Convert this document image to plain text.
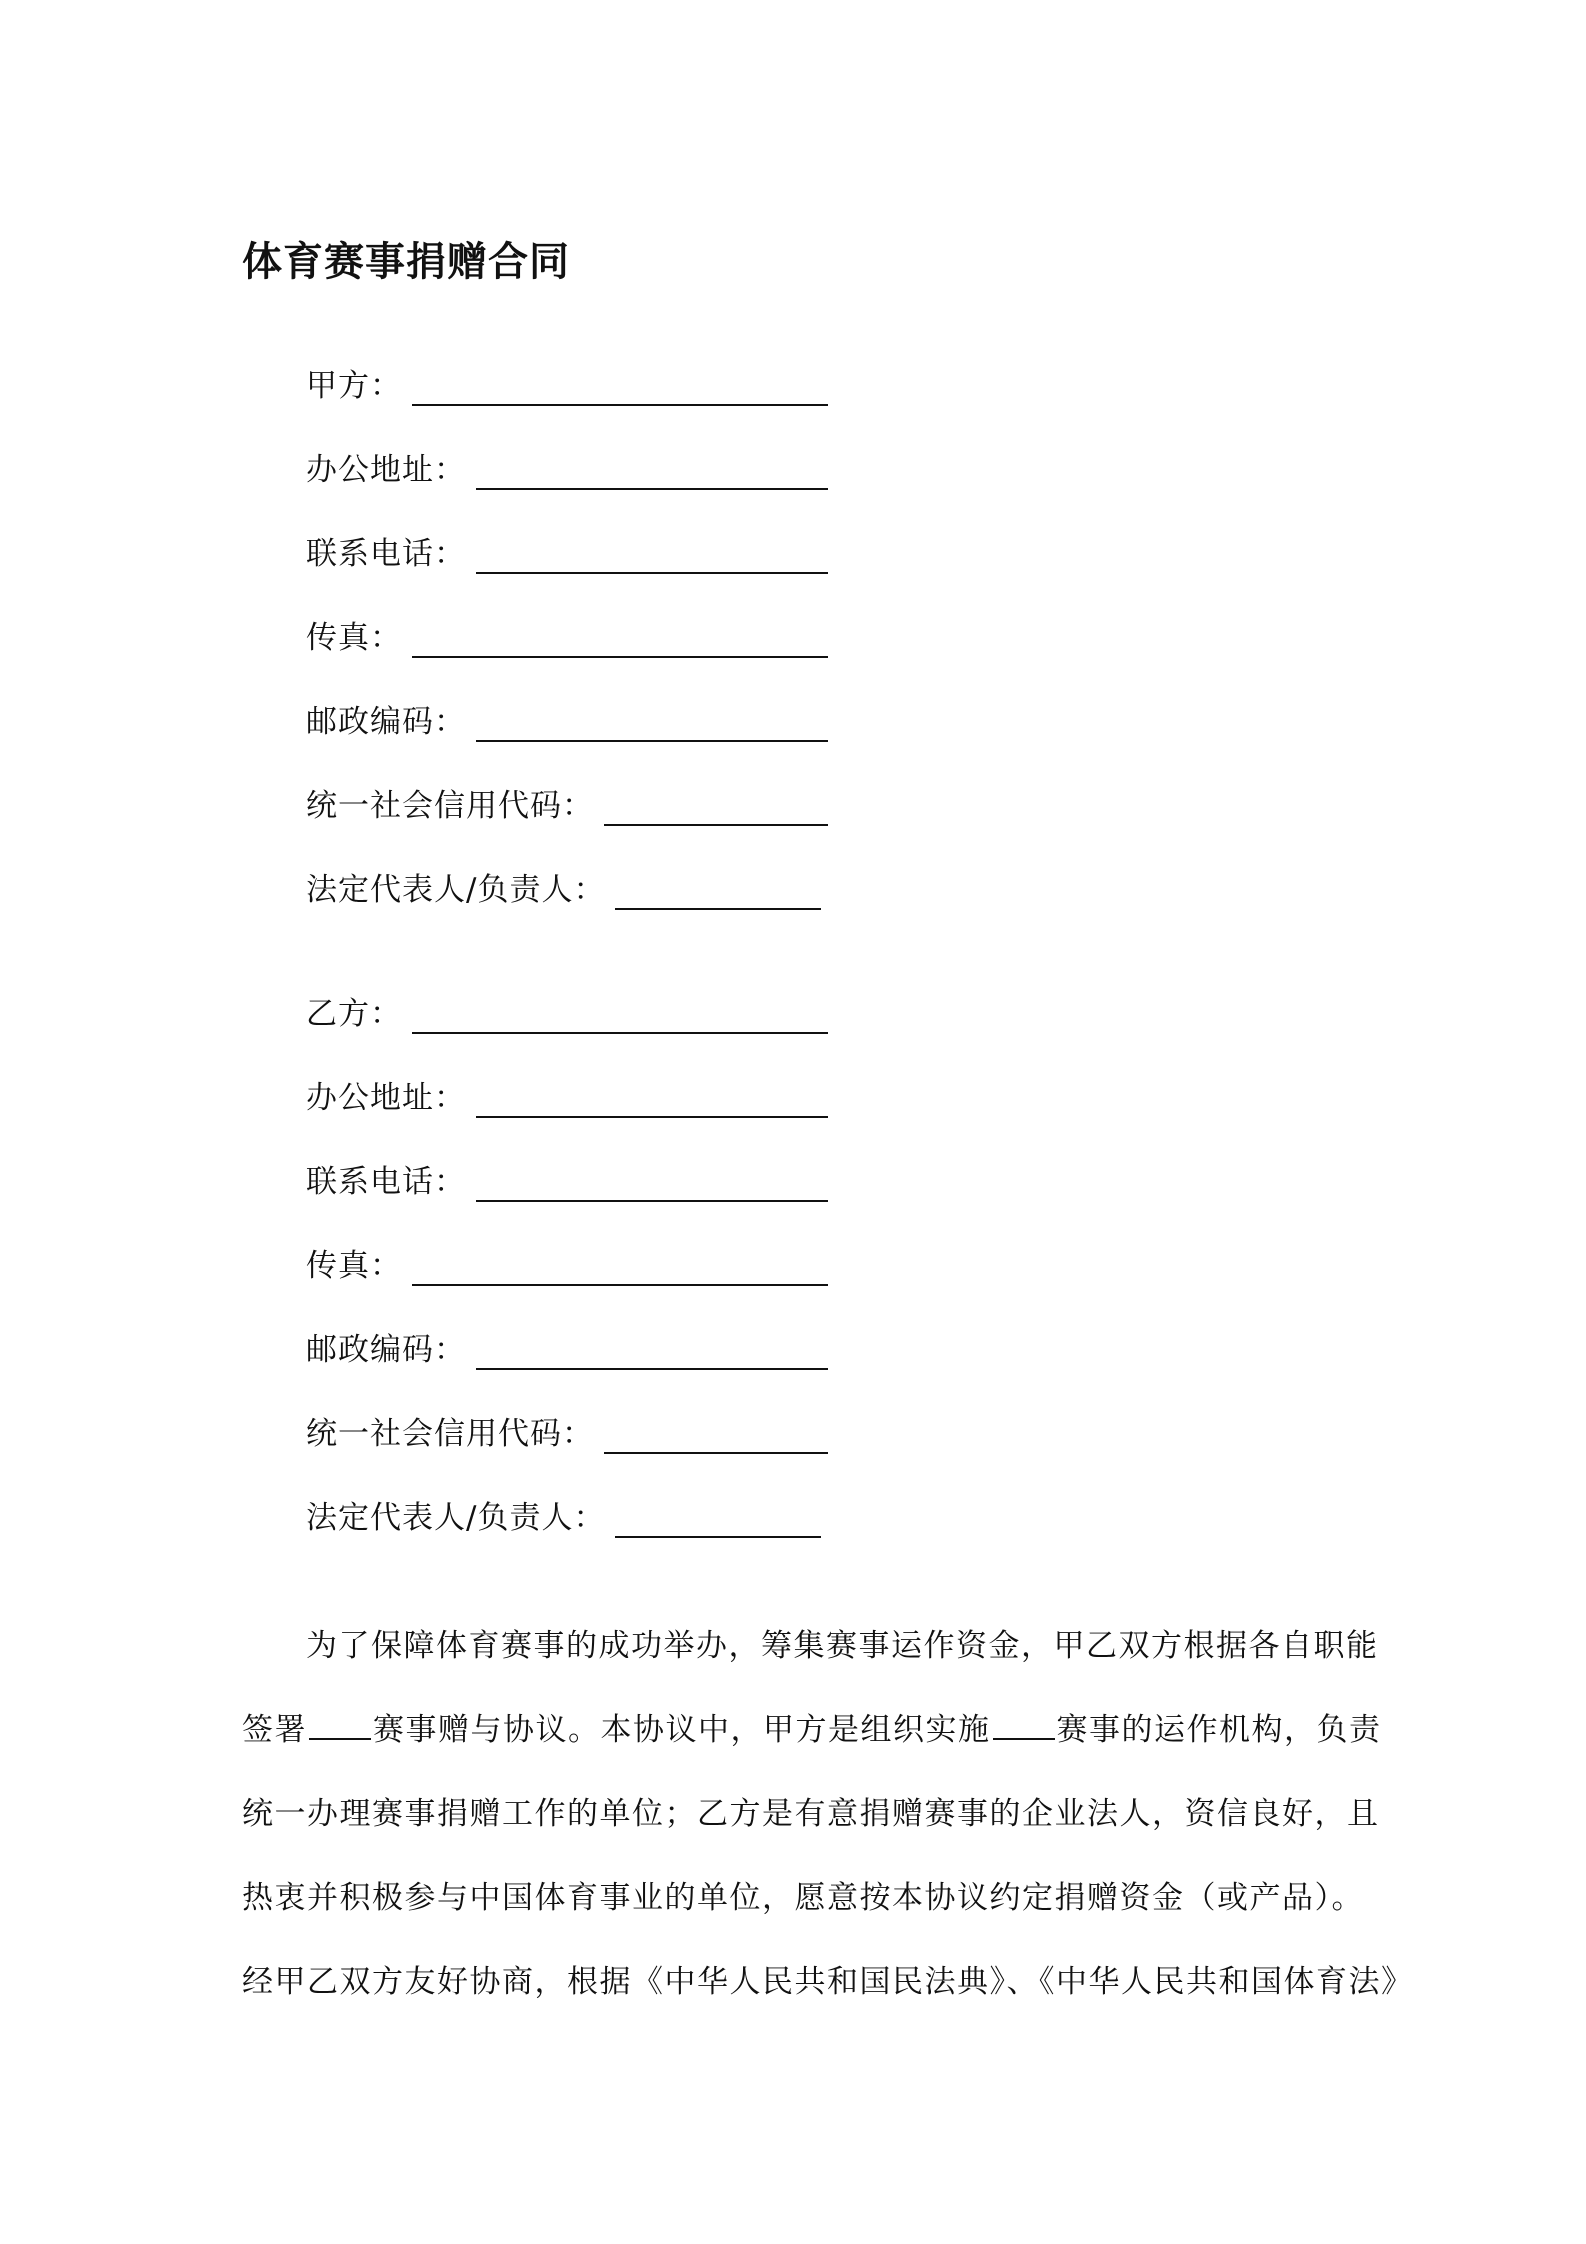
体育赛事捐赠合同
甲方：
办公地址：
联系电话：
传真：
邮政编码：
统一社会信用代码：
法定代表人/负责人：
乙方：
办公地址：
联系电话：
传真：
邮政编码：
统一社会信用代码：
法定代表人/负责人：
为了保障体育赛事的成功举办，筹集赛事运作资金，甲乙双方根据各自职能
签署 赛事赠与协议。本协议中，甲方是组织实施 赛事的运作机构，负责
统一办理赛事捐赠工作的单位；乙方是有意捐赠赛事的企业法人，资信良好，且
热衷并积极参与中国体育事业的单位，愿意按本协议约定捐赠资金（或产品）。
经甲乙双方友好协商，根据《中华人民共和国民法典》、《中华人民共和国体育法》
